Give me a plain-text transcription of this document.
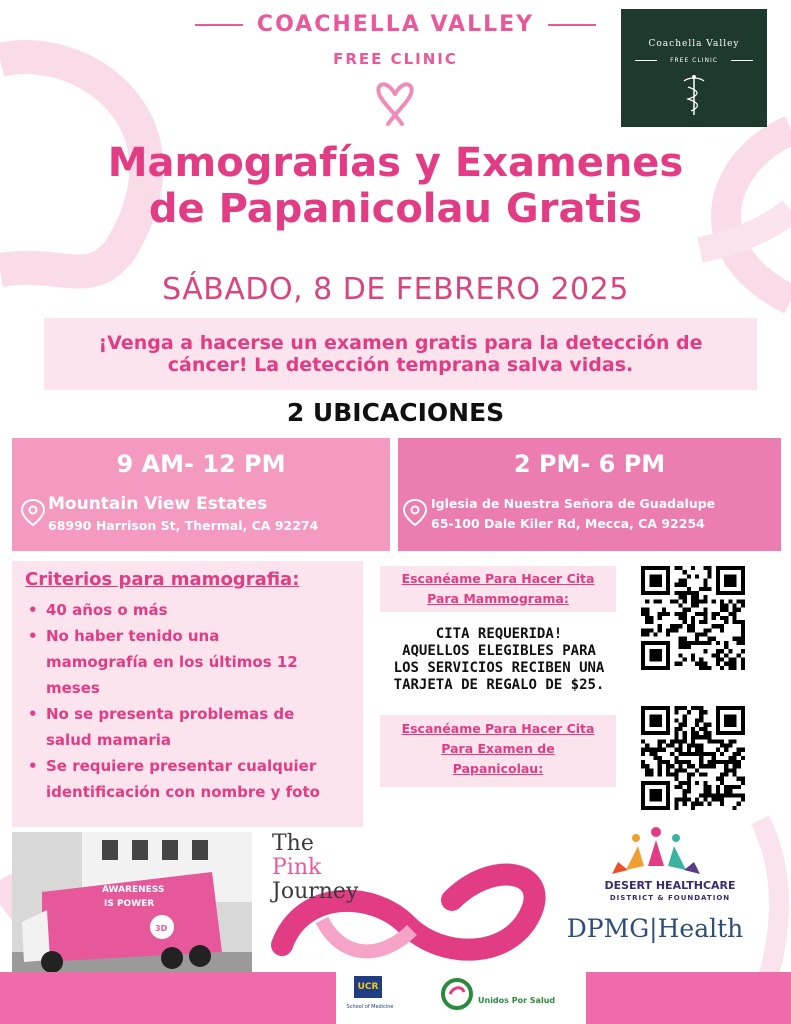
COACHELLA VALLEY
FREE CLINIC
Coachella Valley
FREE CLINIC
Mamografías y Examenes
de Papanicolau Gratis
SÁBADO, 8 DE FEBRERO 2025
¡Venga a hacerse un examen gratis para la detección de
cáncer! La detección temprana salva vidas.
2 UBICACIONES
9 AM- 12 PM
Mountain View Estates
68990 Harrison St, Thermal, CA 92274
2 PM- 6 PM
Iglesia de Nuestra Señora de Guadalupe
65-100 Dale Kiler Rd, Mecca, CA 92254
Criterios para mamografia:
• 40 años o más
• No haber tenido una
mamografía en los últimos 12
meses
• No se presenta problemas de
salud mamaria
• Se requiere presentar cualquier
identificación con nombre y foto
Escanéame Para Hacer Cita
Para Mammograma:
CITA REQUERIDA!
AQUELLOS ELEGIBLES PARA
LOS SERVICIOS RECIBEN UNA
TARJETA DE REGALO DE $25.
Escanéame Para Hacer Cita
Para Examen de
Papanicolau:
AWARENESS
IS POWER
3D
The
Pink
Journey	DESERT HEALTHCARE
DISTRICT & FOUNDATION
DPMG|Health
UCR
School of Medicine
Unidos Por Salud
